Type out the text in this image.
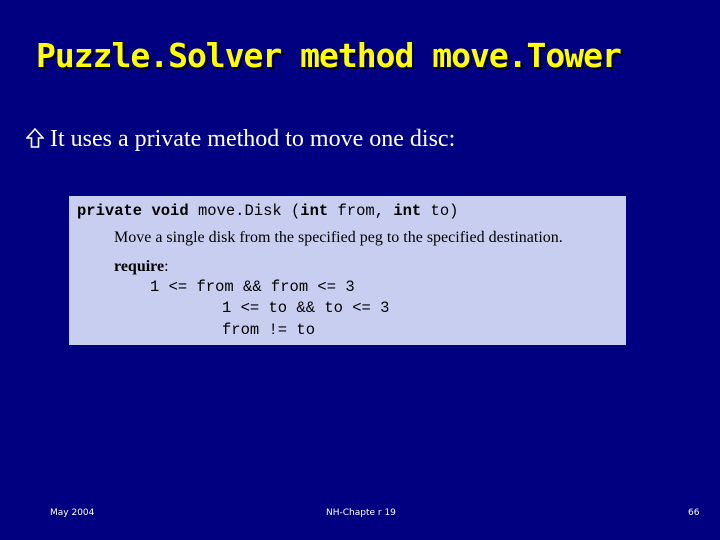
Puzzle.Solver method move.Tower
It uses a private method to move one disc:
private void move.Disk (int from, int to)
Move a single disk from the specified peg to the specified destination.
require:
1 <= from && from <= 3
1 <= to && to <= 3
from != to
May 2004	NH-Chapte r 19	66
